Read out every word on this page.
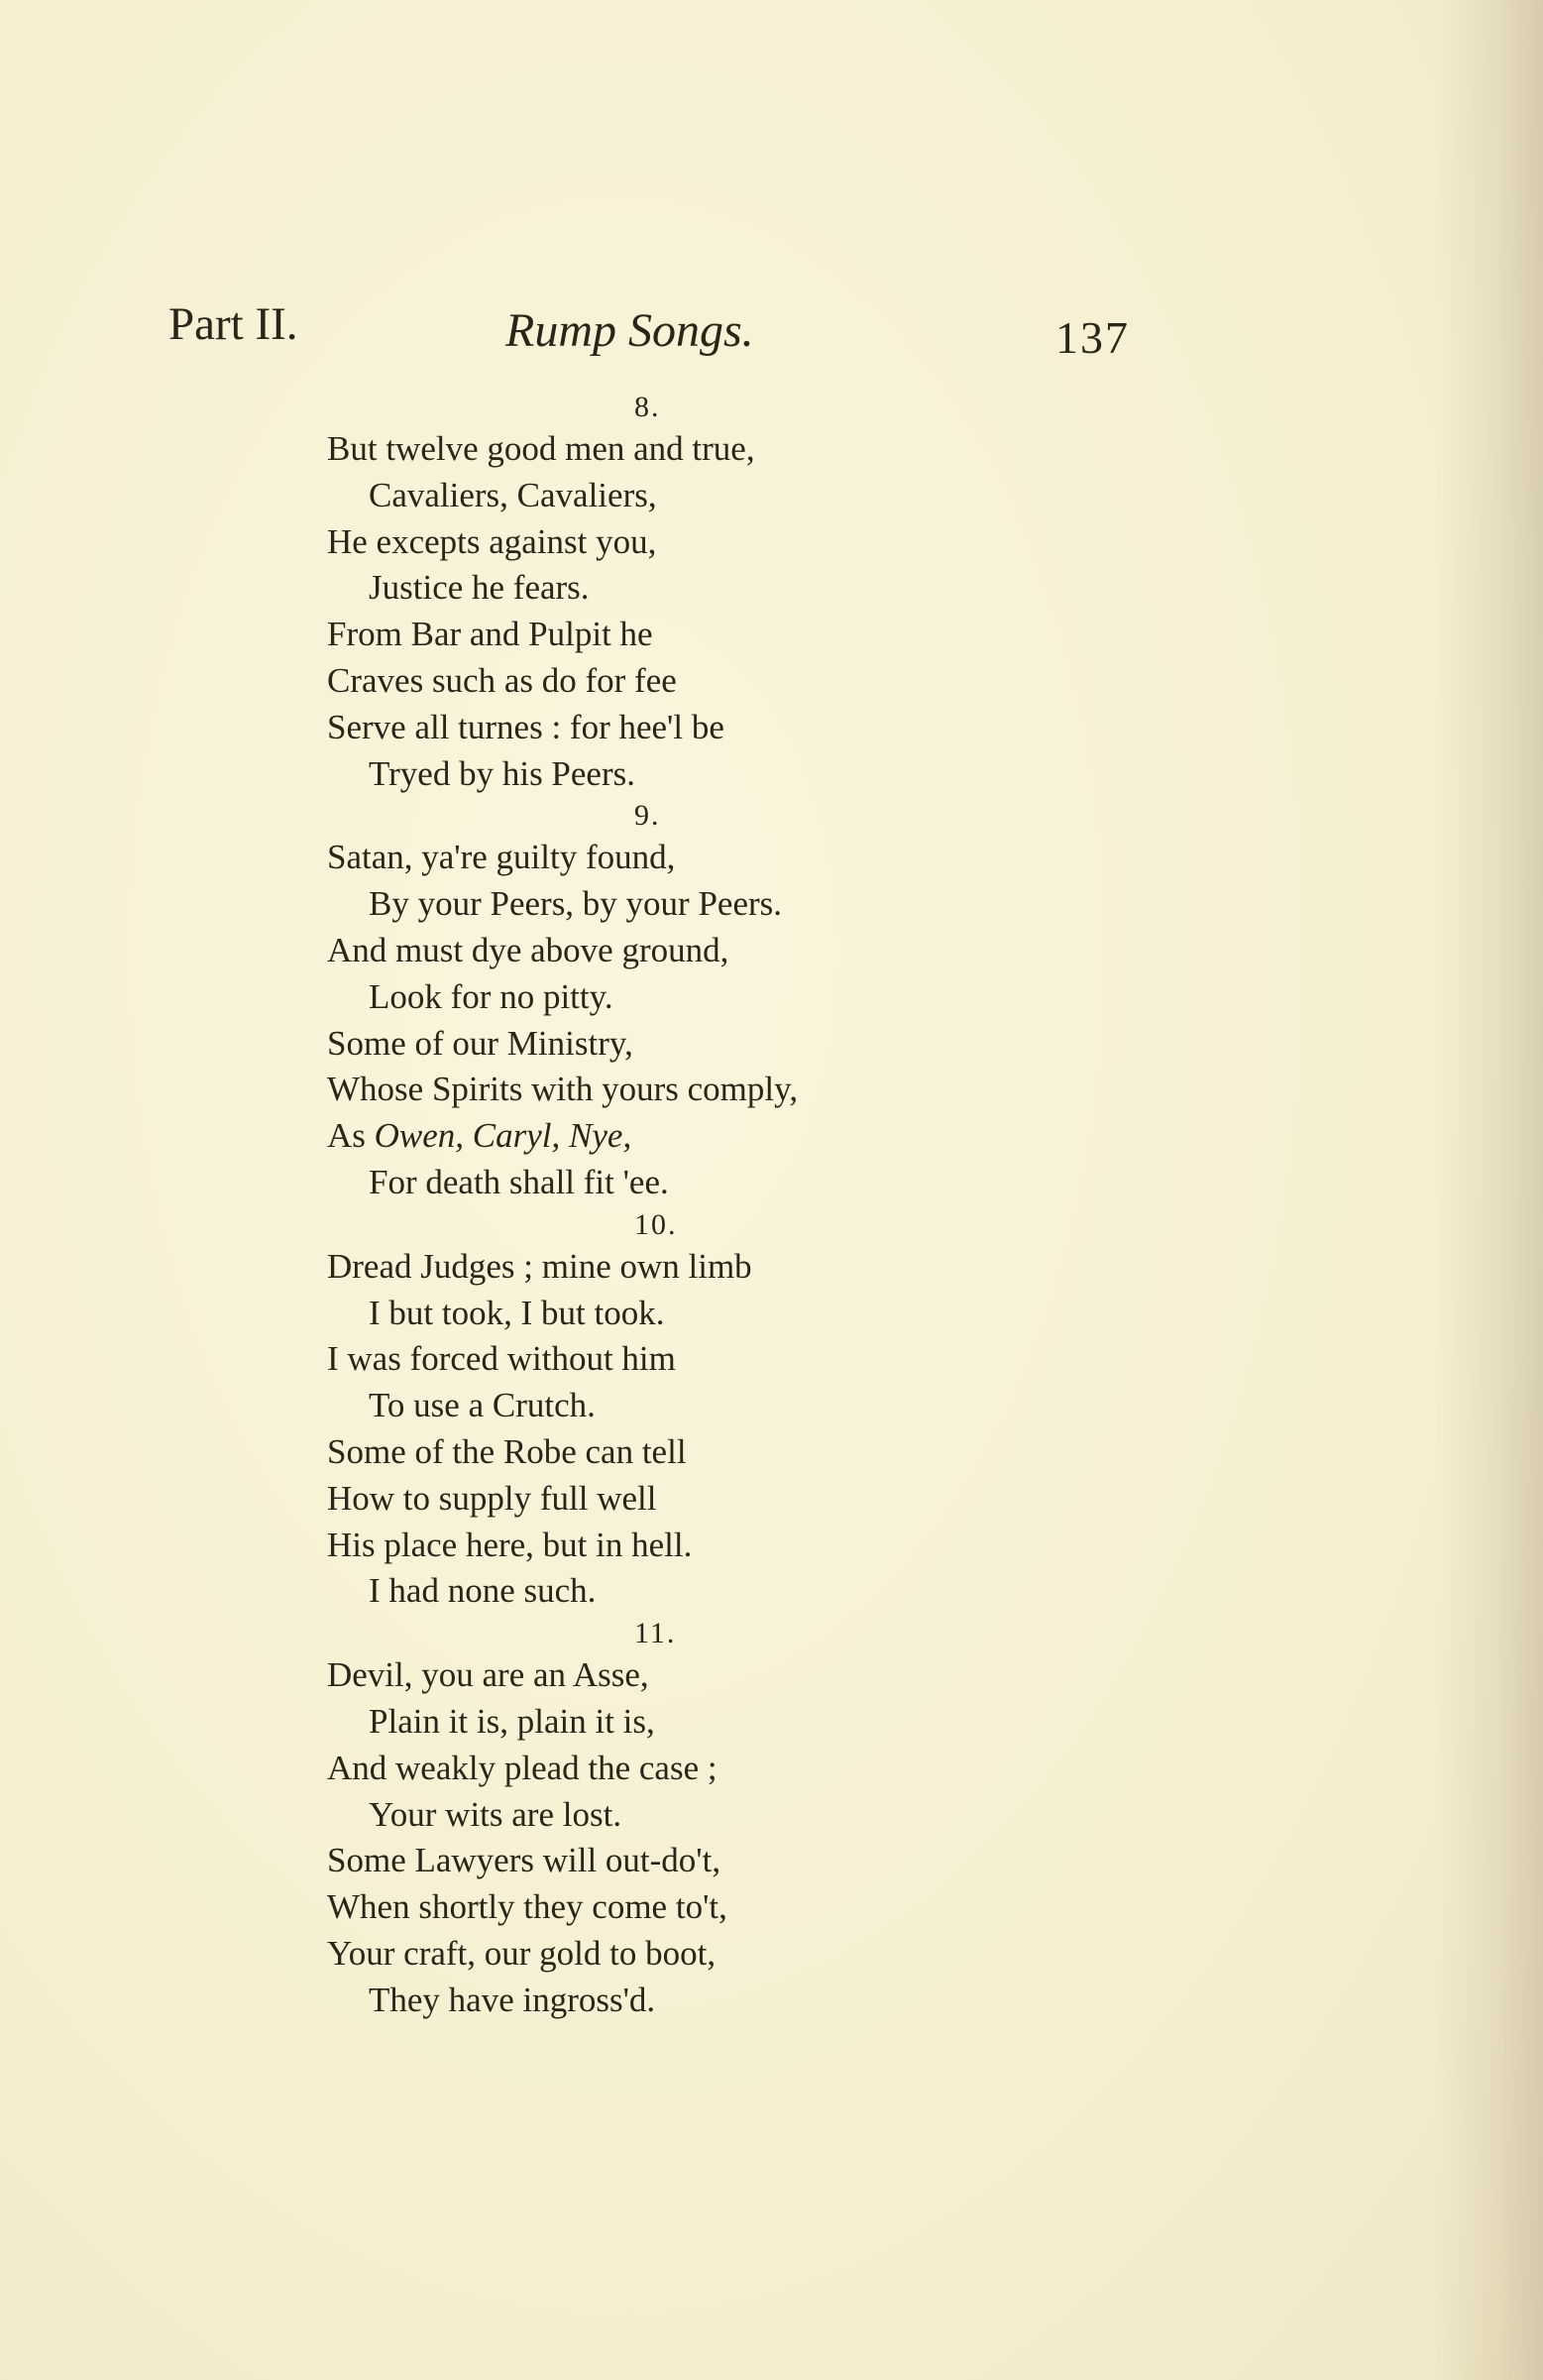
Part II.	Rump Songs.	137
8.
But twelve good men and true,
Cavaliers, Cavaliers,
He excepts against you,
Justice he fears.
From Bar and Pulpit he
Craves such as do for fee
Serve all turnes : for hee'l be
Tryed by his Peers.
9.
Satan, ya're guilty found,
By your Peers, by your Peers.
And must dye above ground,
Look for no pitty.
Some of our Ministry,
Whose Spirits with yours comply,
As Owen, Caryl, Nye,
For death shall fit 'ee.
10.
Dread Judges ; mine own limb
I but took, I but took.
I was forced without him
To use a Crutch.
Some of the Robe can tell
How to supply full well
His place here, but in hell.
I had none such.
11.
Devil, you are an Asse,
Plain it is, plain it is,
And weakly plead the case ;
Your wits are lost.
Some Lawyers will out-do't,
When shortly they come to't,
Your craft, our gold to boot,
They have ingross'd.
